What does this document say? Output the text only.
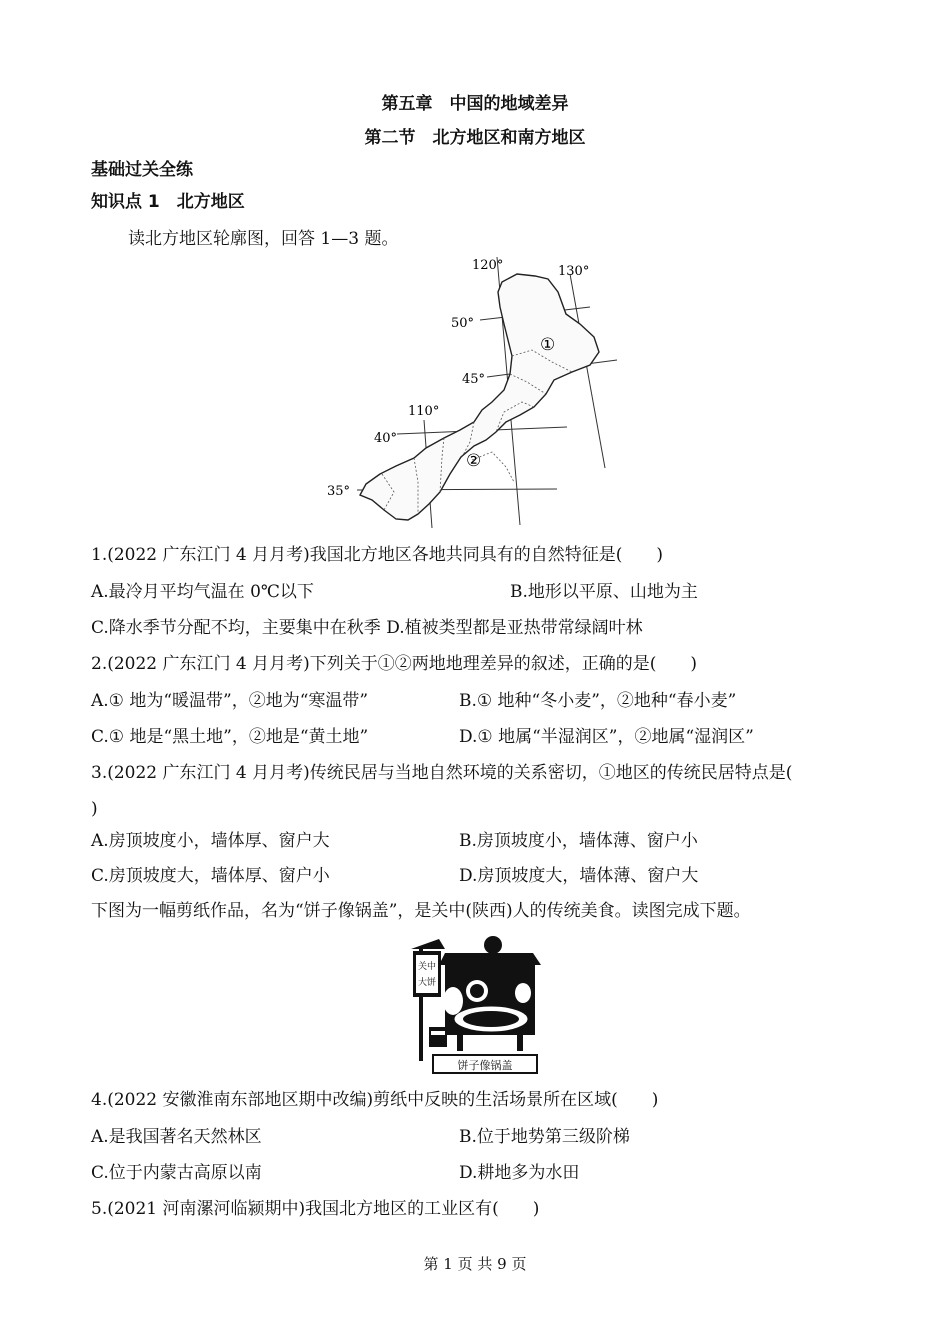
第五章　中国的地域差异
第二节　北方地区和南方地区
基础过关全练
知识点 1　北方地区
读北方地区轮廓图，回答 1—3 题。
120°	130°
50°
45°
110°
40°
35°
①
②
1.(2022 广东江门 4 月月考)我国北方地区各地共同具有的自然特征是(　　)
A.最冷月平均气温在 0℃以下	B.地形以平原、山地为主
C.降水季节分配不均，主要集中在秋季 D.植被类型都是亚热带常绿阔叶林
2.(2022 广东江门 4 月月考)下列关于①②两地地理差异的叙述，正确的是(　　)
A.① 地为“暖温带”，②地为“寒温带”	B.① 地种“冬小麦”，②地种“春小麦”
C.① 地是“黑土地”，②地是“黄土地”	D.① 地属“半湿润区”，②地属“湿润区”
3.(2022 广东江门 4 月月考)传统民居与当地自然环境的关系密切，①地区的传统民居特点是(
)
A.房顶坡度小，墙体厚、窗户大	B.房顶坡度小，墙体薄、窗户小
C.房顶坡度大，墙体厚、窗户小	D.房顶坡度大，墙体薄、窗户大
下图为一幅剪纸作品，名为“饼子像锅盖”，是关中(陕西)人的传统美食。读图完成下题。
关中
大饼
饼子像锅盖
4.(2022 安徽淮南东部地区期中改编)剪纸中反映的生活场景所在区域(　　)
A.是我国著名天然林区	B.位于地势第三级阶梯
C.位于内蒙古高原以南	D.耕地多为水田
5.(2021 河南漯河临颍期中)我国北方地区的工业区有(　　)
第 1 页 共 9 页
